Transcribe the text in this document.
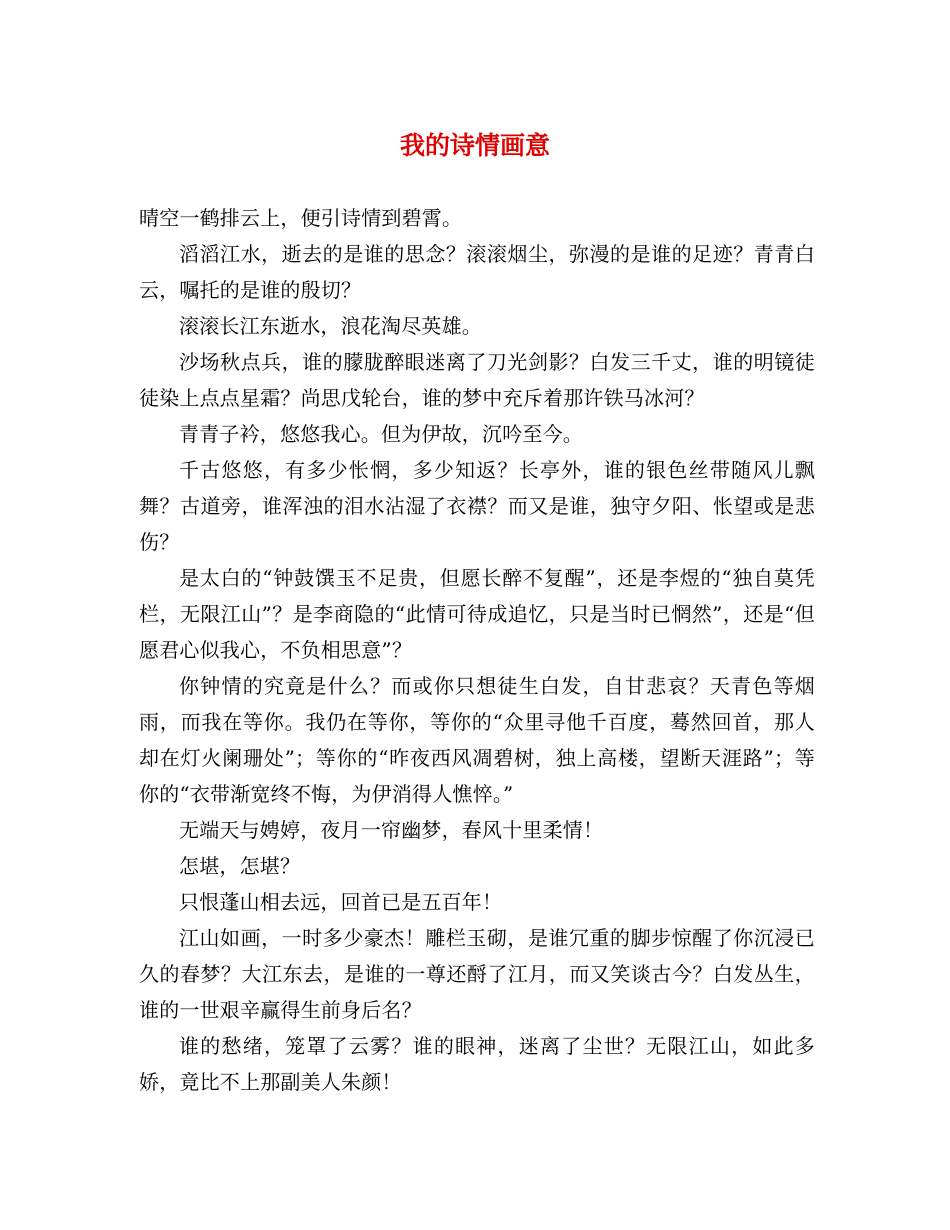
我的诗情画意

晴空一鹤排云上，便引诗情到碧霄。

滔滔江水，逝去的是谁的思念？滚滚烟尘，弥漫的是谁的足迹？青青白云，嘱托的是谁的殷切？

滚滚长江东逝水，浪花淘尽英雄。

沙场秋点兵，谁的朦胧醉眼迷离了刀光剑影？白发三千丈，谁的明镜徒徒染上点点星霜？尚思戊轮台，谁的梦中充斥着那许铁马冰河？

青青子衿，悠悠我心。但为伊故，沉吟至今。

千古悠悠，有多少怅惘，多少知返？长亭外，谁的银色丝带随风儿飘舞？古道旁，谁浑浊的泪水沾湿了衣襟？而又是谁，独守夕阳、怅望或是悲伤？

是太白的“钟鼓馔玉不足贵，但愿长醉不复醒”，还是李煜的“独自莫凭栏，无限江山”？是李商隐的“此情可待成追忆，只是当时已惘然”，还是“但愿君心似我心，不负相思意”？

你钟情的究竟是什么？而或你只想徒生白发，自甘悲哀？天青色等烟雨，而我在等你。我仍在等你，等你的“众里寻他千百度，蓦然回首，那人却在灯火阑珊处”；等你的“昨夜西风凋碧树，独上高楼，望断天涯路”；等你的“衣带渐宽终不悔，为伊消得人憔悴。”

无端天与娉婷，夜月一帘幽梦，春风十里柔情！

怎堪，怎堪？

只恨蓬山相去远，回首已是五百年！

江山如画，一时多少豪杰！雕栏玉砌，是谁冗重的脚步惊醒了你沉浸已久的春梦？大江东去，是谁的一尊还酹了江月，而又笑谈古今？白发丛生，谁的一世艰辛赢得生前身后名？

谁的愁绪，笼罩了云雾？谁的眼神，迷离了尘世？无限江山，如此多娇，竟比不上那副美人朱颜！
